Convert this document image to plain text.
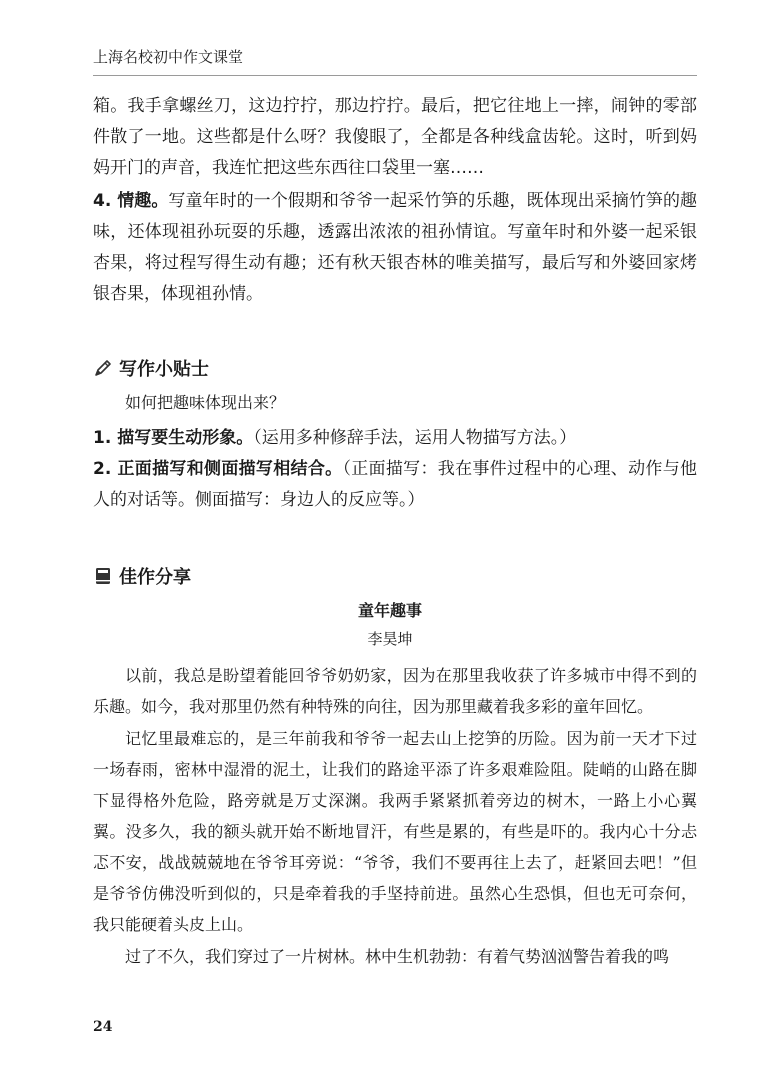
上海名校初中作文课堂

箱。我手拿螺丝刀，这边拧拧，那边拧拧。最后，把它往地上一摔，闹钟的零部件散了一地。这些都是什么呀？我傻眼了，全都是各种线盒齿轮。这时，听到妈妈开门的声音，我连忙把这些东西往口袋里一塞……

4. 情趣。写童年时的一个假期和爷爷一起采竹笋的乐趣，既体现出采摘竹笋的趣味，还体现祖孙玩耍的乐趣，透露出浓浓的祖孙情谊。写童年时和外婆一起采银杏果，将过程写得生动有趣；还有秋天银杏林的唯美描写，最后写和外婆回家烤银杏果，体现祖孙情。

写作小贴士
如何把趣味体现出来？

1. 描写要生动形象。（运用多种修辞手法，运用人物描写方法。）

2. 正面描写和侧面描写相结合。（正面描写：我在事件过程中的心理、动作与他人的对话等。侧面描写：身边人的反应等。）

佳作分享
童年趣事
李昊坤

以前，我总是盼望着能回爷爷奶奶家，因为在那里我收获了许多城市中得不到的乐趣。如今，我对那里仍然有种特殊的向往，因为那里藏着我多彩的童年回忆。

记忆里最难忘的，是三年前我和爷爷一起去山上挖笋的历险。因为前一天才下过一场春雨，密林中湿滑的泥土，让我们的路途平添了许多艰难险阻。陡峭的山路在脚下显得格外危险，路旁就是万丈深渊。我两手紧紧抓着旁边的树木，一路上小心翼翼。没多久，我的额头就开始不断地冒汗，有些是累的，有些是吓的。我内心十分忐忑不安，战战兢兢地在爷爷耳旁说：“爷爷，我们不要再往上去了，赶紧回去吧！”但是爷爷仿佛没听到似的，只是牵着我的手坚持前进。虽然心生恐惧，但也无可奈何，我只能硬着头皮上山。

过了不久，我们穿过了一片树林。林中生机勃勃：有着气势汹汹警告着我的鸣

24
